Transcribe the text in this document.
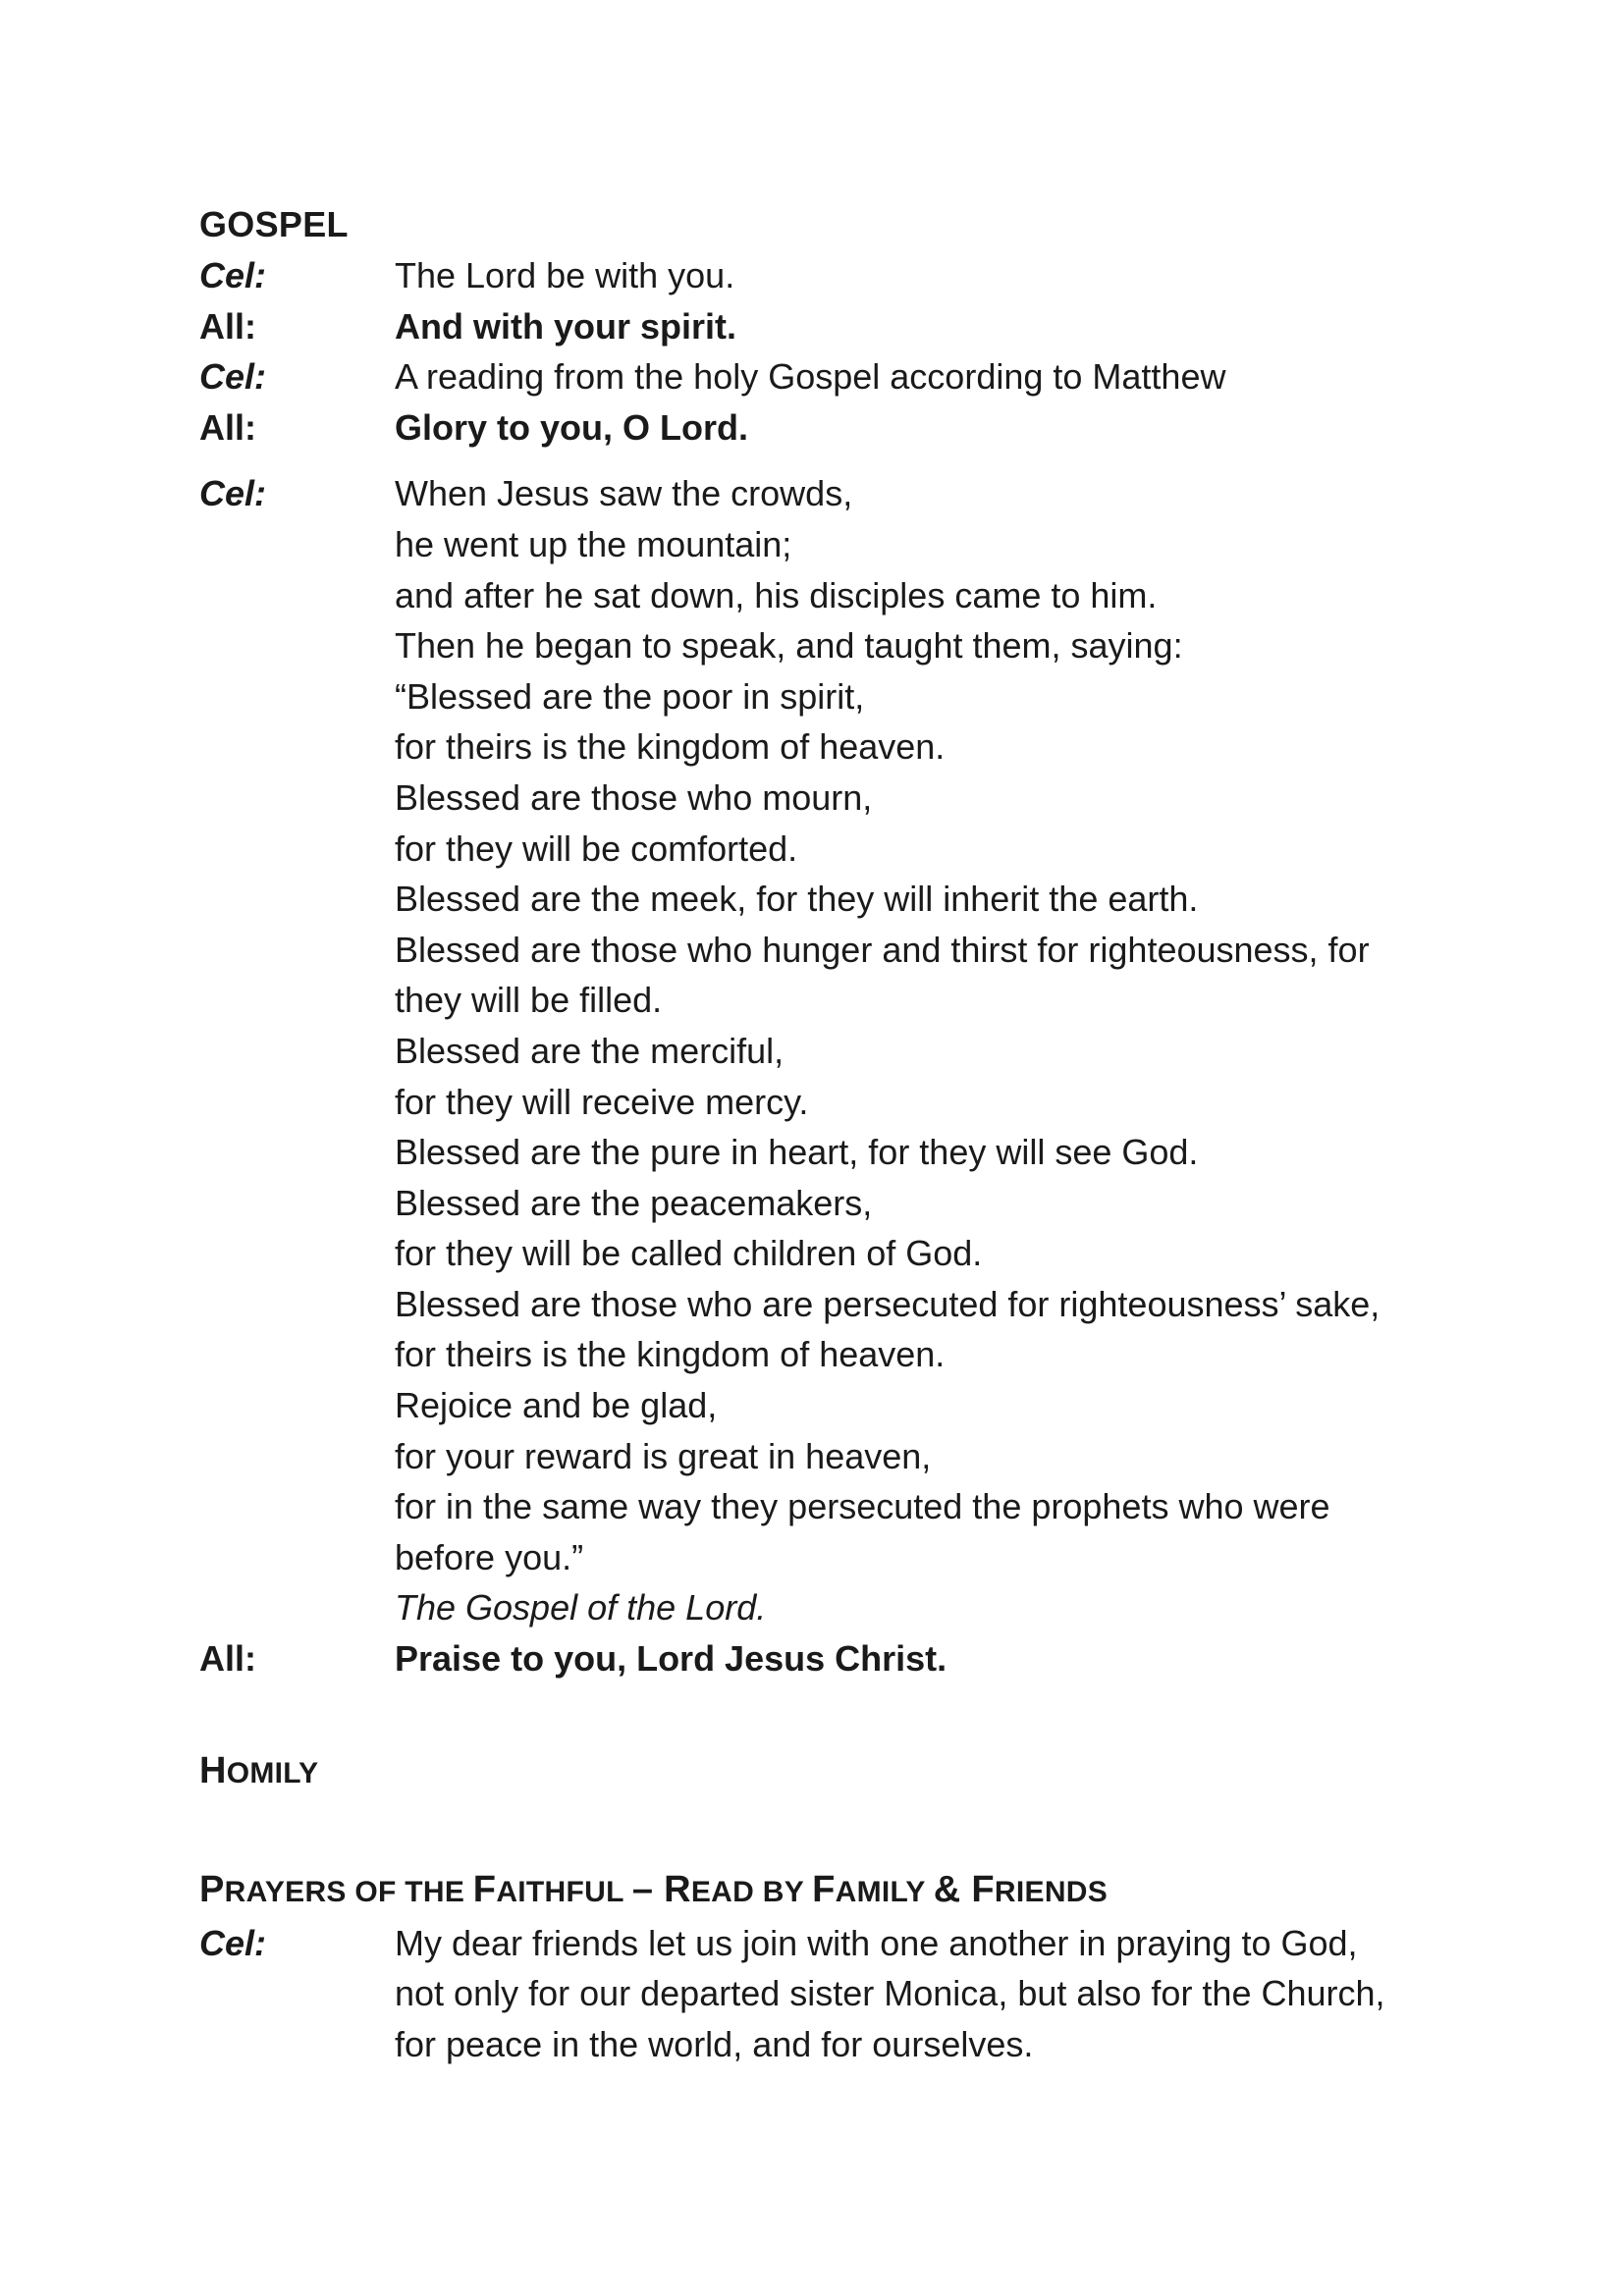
GOSPEL
Cel:	The Lord be with you.
All:	And with your spirit.
Cel:	A reading from the holy Gospel according to Matthew
All:	Glory to you, O Lord.
Cel:	When Jesus saw the crowds,
he went up the mountain;
and after he sat down, his disciples came to him.
Then he began to speak, and taught them, saying:
“Blessed are the poor in spirit,
for theirs is the kingdom of heaven.
Blessed are those who mourn,
for they will be comforted.
Blessed are the meek, for they will inherit the earth.
Blessed are those who hunger and thirst for righteousness, for
they will be filled.
Blessed are the merciful,
for they will receive mercy.
Blessed are the pure in heart, for they will see God.
Blessed are the peacemakers,
for they will be called children of God.
Blessed are those who are persecuted for righteousness’ sake,
for theirs is the kingdom of heaven.
Rejoice and be glad,
for your reward is great in heaven,
for in the same way they persecuted the prophets who were
before you.”
The Gospel of the Lord.
All:	Praise to you, Lord Jesus Christ.
HOMILY
PRAYERS OF THE FAITHFUL – READ BY FAMILY & FRIENDS
Cel:	My dear friends let us join with one another in praying to God,
not only for our departed sister Monica, but also for the Church,
for peace in the world, and for ourselves.
